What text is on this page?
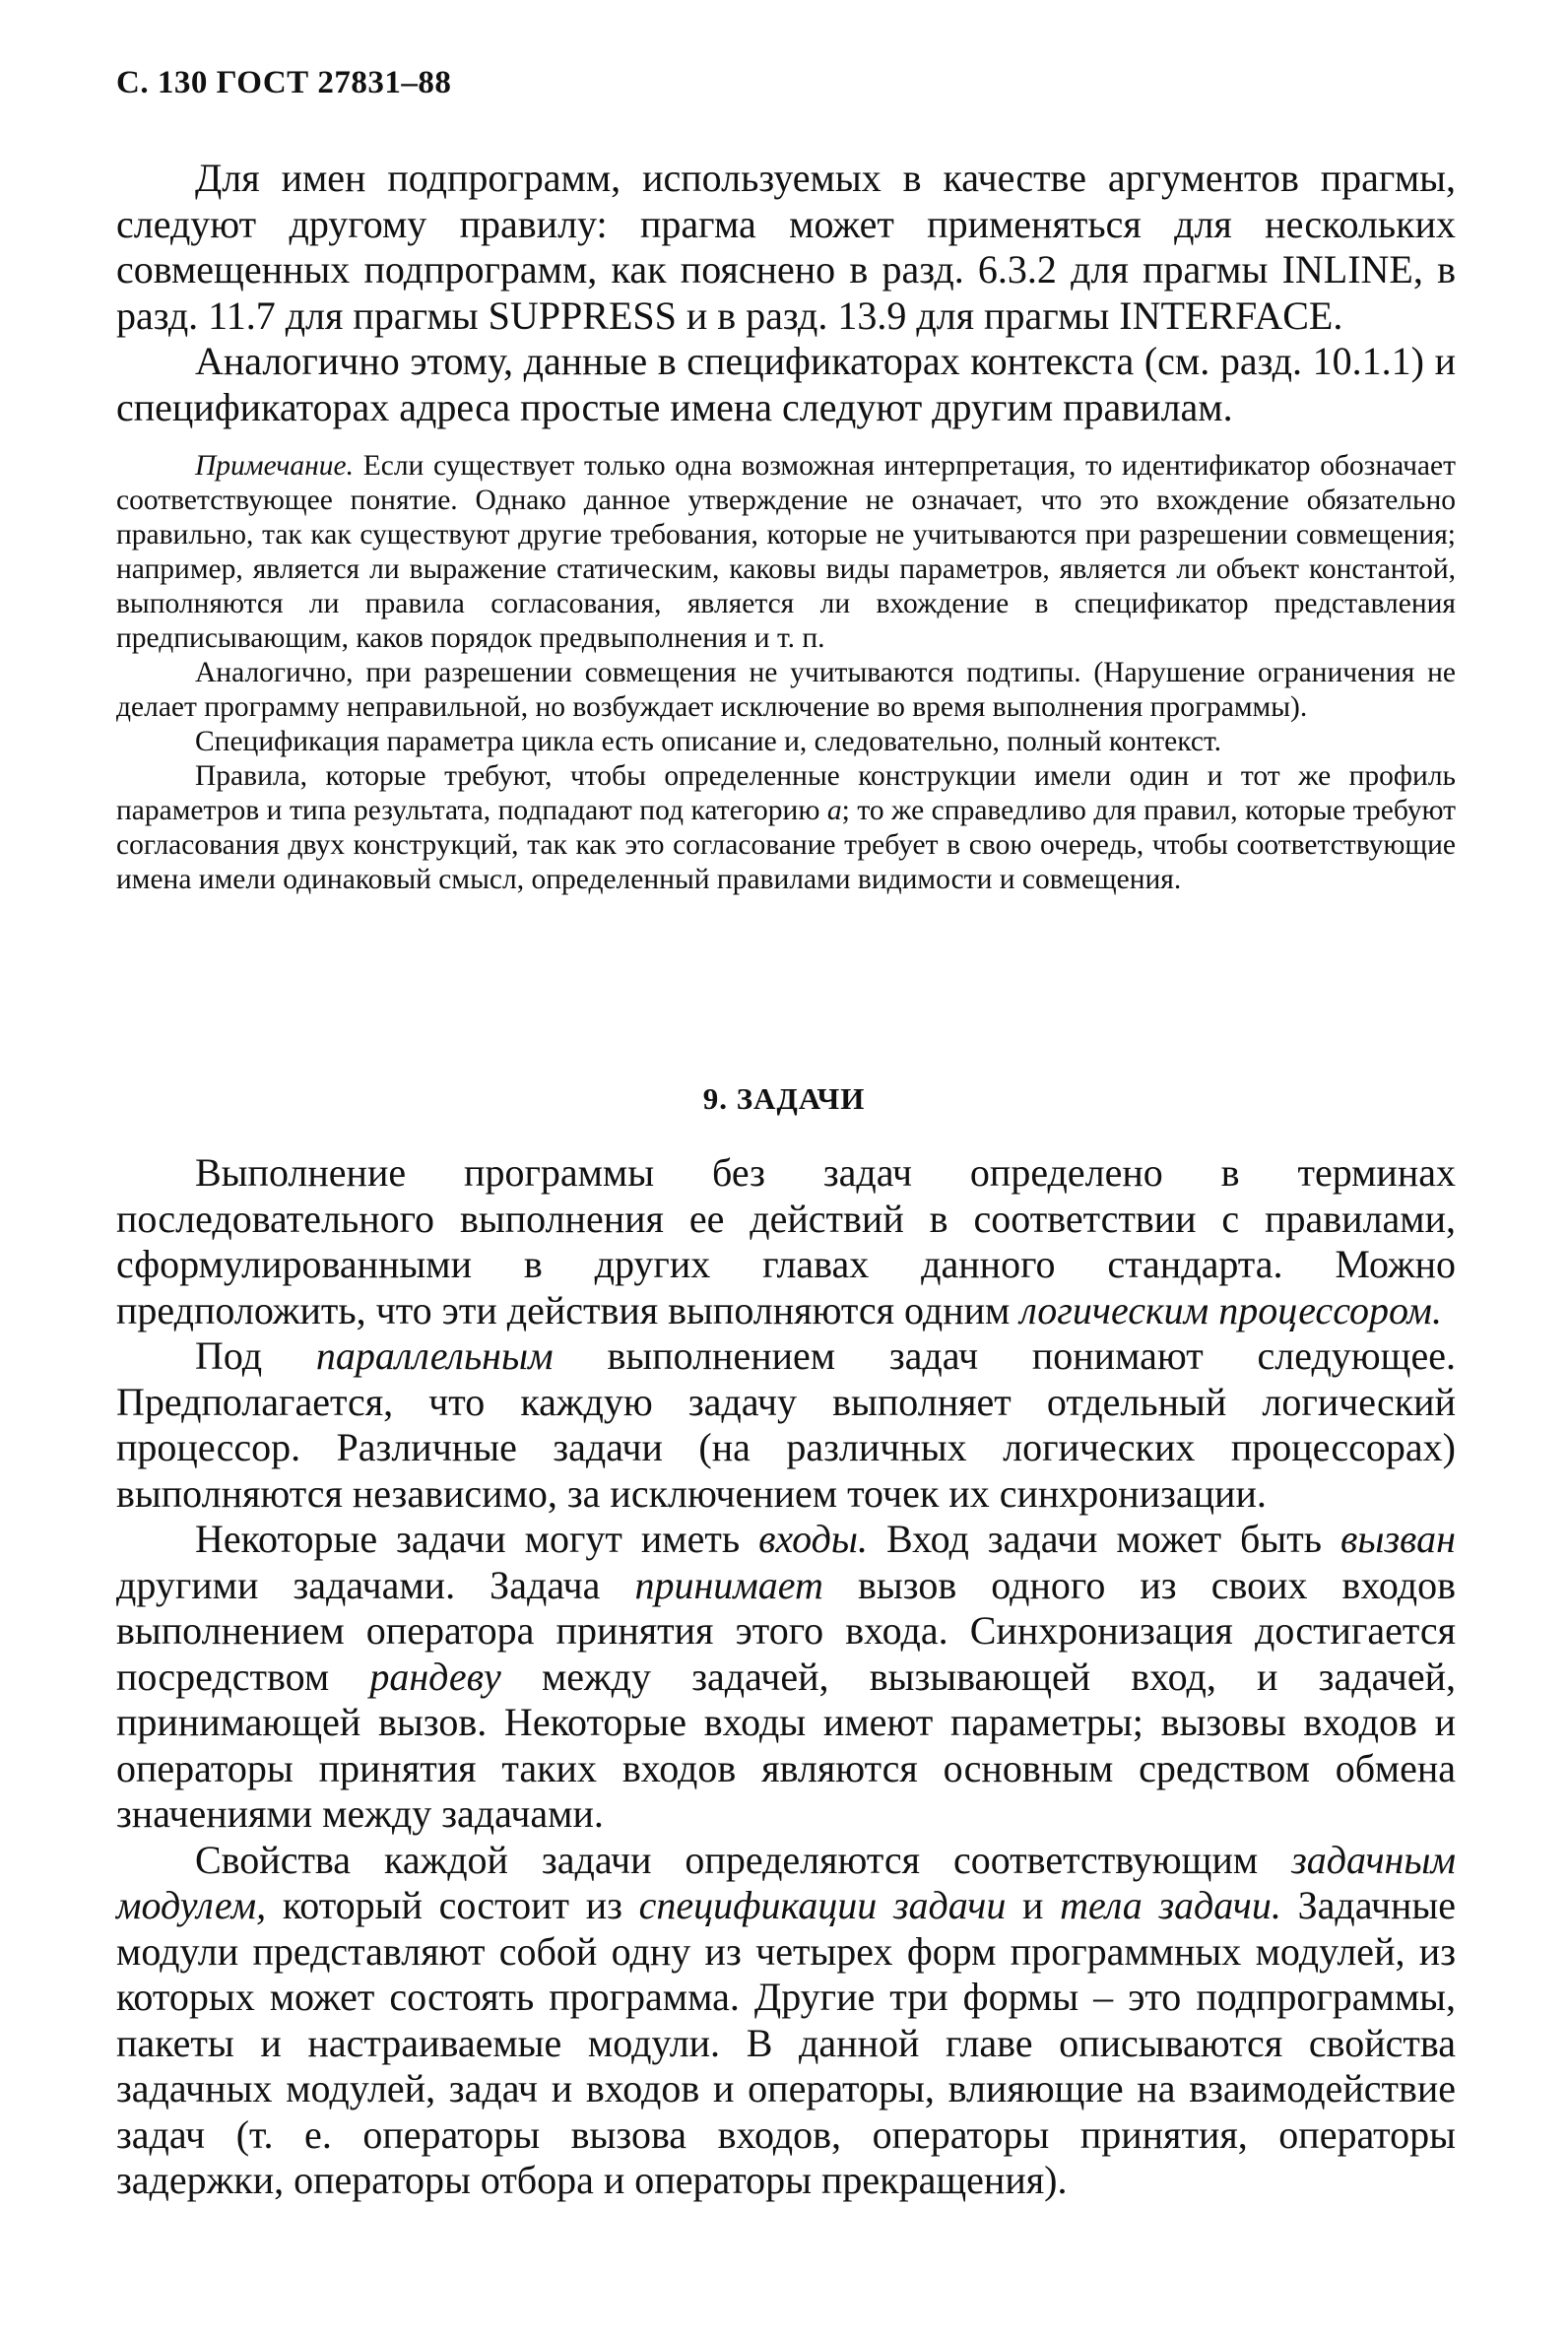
С. 130 ГОСТ 27831–88

Для имен подпрограмм, используемых в качестве аргументов прагмы, следуют другому правилу: прагма может применяться для нескольких совмещенных подпрограмм, как пояснено в разд. 6.3.2 для прагмы INLINE, в разд. 11.7 для прагмы SUPPRESS и в разд. 13.9 для прагмы INTERFACE.

Аналогично этому, данные в спецификаторах контекста (см. разд. 10.1.1) и спецификаторах адреса простые имена следуют другим правилам.

Примечание. Если существует только одна возможная интерпретация, то идентификатор обозначает соответствующее понятие. Однако данное утверждение не означает, что это вхождение обязательно правильно, так как существуют другие требования, которые не учитываются при разрешении совмещения; например, является ли выражение статическим, каковы виды параметров, является ли объект константой, выполняются ли правила согласования, является ли вхождение в спецификатор представления предписывающим, каков порядок предвыполнения и т. п.

Аналогично, при разрешении совмещения не учитываются подтипы. (Нарушение ограничения не делает программу неправильной, но возбуждает исключение во время выполнения программы).

Спецификация параметра цикла есть описание и, следовательно, полный контекст.

Правила, которые требуют, чтобы определенные конструкции имели один и тот же профиль параметров и типа результата, подпадают под категорию a; то же справедливо для правил, которые требуют согласования двух конструкций, так как это согласование требует в свою очередь, чтобы соответствующие имена имели одинаковый смысл, определенный правилами видимости и совмещения.

9. ЗАДАЧИ

Выполнение программы без задач определено в терминах последовательного выполнения ее действий в соответствии с правилами, сформулированными в других главах данного стандарта. Можно предположить, что эти действия выполняются одним логическим процессором.

Под параллельным выполнением задач понимают следующее. Предполагается, что каждую задачу выполняет отдельный логический процессор. Различные задачи (на различных логических процессорах) выполняются независимо, за исключением точек их синхронизации.

Некоторые задачи могут иметь входы. Вход задачи может быть вызван другими задачами. Задача принимает вызов одного из своих входов выполнением оператора принятия этого входа. Синхронизация достигается посредством рандеву между задачей, вызывающей вход, и задачей, принимающей вызов. Некоторые входы имеют параметры; вызовы входов и операторы принятия таких входов являются основным средством обмена значениями между задачами.

Свойства каждой задачи определяются соответствующим задачным модулем, который состоит из спецификации задачи и тела задачи. Задачные модули представляют собой одну из четырех форм программных модулей, из которых может состоять программа. Другие три формы – это подпрограммы, пакеты и настраиваемые модули. В данной главе описываются свойства задачных модулей, задач и входов и операторы, влияющие на взаимодействие задач (т. е. операторы вызова входов, операторы принятия, операторы задержки, операторы отбора и операторы прекращения).
